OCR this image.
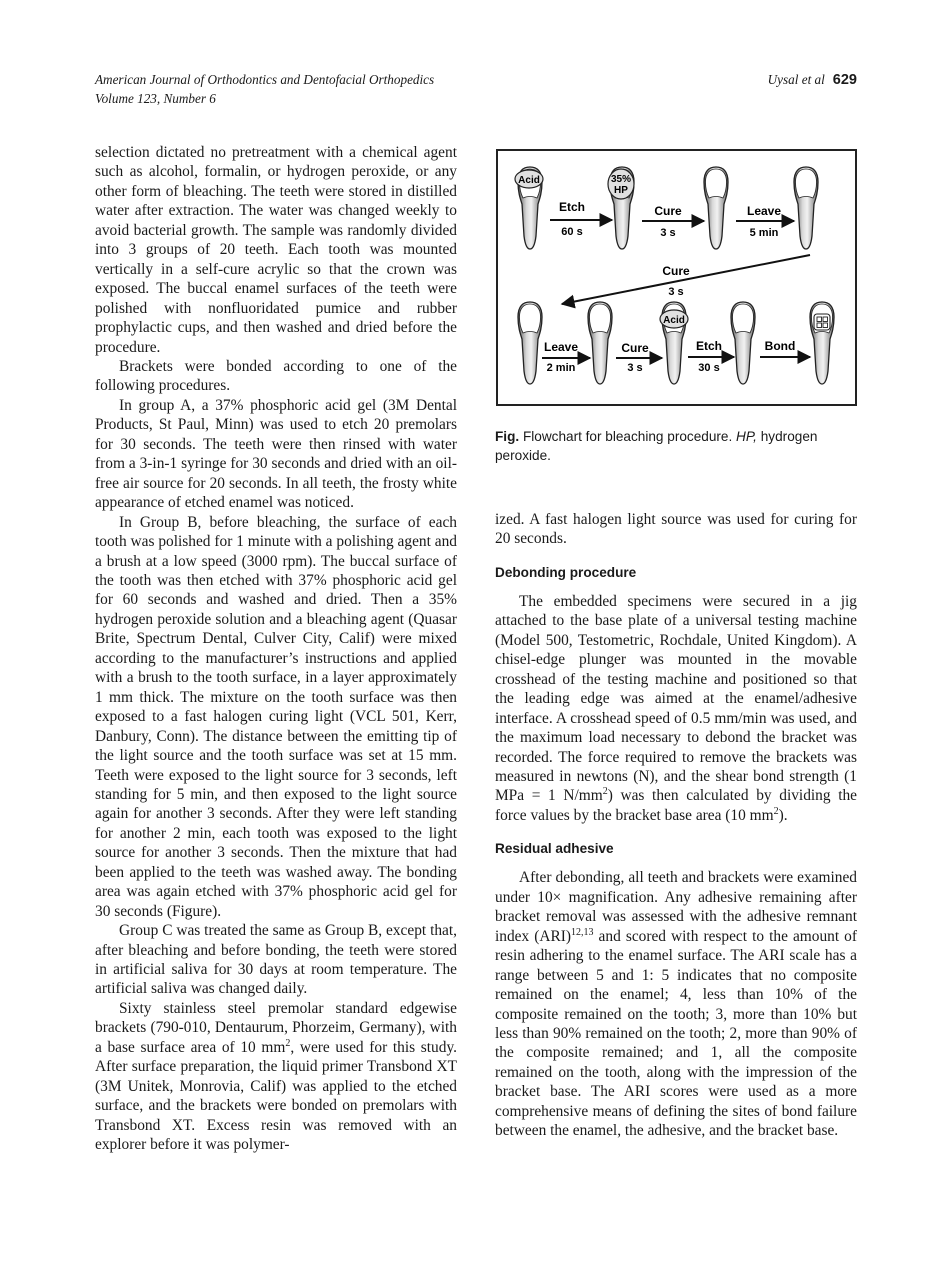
American Journal of Orthodontics and Dentofacial Orthopedics
Volume 123, Number 6
Uysal et al 629

selection dictated no pretreatment with a chemical agent such as alcohol, formalin, or hydrogen peroxide, or any other form of bleaching. The teeth were stored in distilled water after extraction. The water was changed weekly to avoid bacterial growth. The sample was randomly divided into 3 groups of 20 teeth. Each tooth was mounted vertically in a self-cure acrylic so that the crown was exposed. The buccal enamel surfaces of the teeth were polished with nonfluoridated pumice and rubber prophylactic cups, and then washed and dried before the procedure.

Brackets were bonded according to one of the following procedures.

In group A, a 37% phosphoric acid gel (3M Dental Products, St Paul, Minn) was used to etch 20 premolars for 30 seconds. The teeth were then rinsed with water from a 3-in-1 syringe for 30 seconds and dried with an oil-free air source for 20 seconds. In all teeth, the frosty white appearance of etched enamel was noticed.

In Group B, before bleaching, the surface of each tooth was polished for 1 minute with a polishing agent and a brush at a low speed (3000 rpm). The buccal surface of the tooth was then etched with 37% phosphoric acid gel for 60 seconds and washed and dried. Then a 35% hydrogen peroxide solution and a bleaching agent (Quasar Brite, Spectrum Dental, Culver City, Calif) were mixed according to the manufacturer’s instructions and applied with a brush to the tooth surface, in a layer approximately 1 mm thick. The mixture on the tooth surface was then exposed to a fast halogen curing light (VCL 501, Kerr, Danbury, Conn). The distance between the emitting tip of the light source and the tooth surface was set at 15 mm. Teeth were exposed to the light source for 3 seconds, left standing for 5 min, and then exposed to the light source again for another 3 seconds. After they were left standing for another 2 min, each tooth was exposed to the light source for another 3 seconds. Then the mixture that had been applied to the teeth was washed away. The bonding area was again etched with 37% phosphoric acid gel for 30 seconds (Figure).

Group C was treated the same as Group B, except that, after bleaching and before bonding, the teeth were stored in artificial saliva for 30 days at room temperature. The artificial saliva was changed daily.

Sixty stainless steel premolar standard edgewise brackets (790-010, Dentaurum, Phorzeim, Germany), with a base surface area of 10 $mm^2$, were used for this study. After surface preparation, the liquid primer Transbond XT (3M Unitek, Monrovia, Calif) was applied to the etched surface, and the brackets were bonded on premolars with Transbond XT. Excess resin was removed with an explorer before it was polymer-

Acid	35%
HP
Etch
60 s
Cure
3 s
Leave
5 min
Cure
3 s
Acid
Leave
2 min
Cure
3 s
Etch
30 s
Bond
Fig. Flowchart for bleaching procedure. HP, hydrogen peroxide.

ized. A fast halogen light source was used for curing for 20 seconds.

Debonding procedure

The embedded specimens were secured in a jig attached to the base plate of a universal testing machine (Model 500, Testometric, Rochdale, United Kingdom). A chisel-edge plunger was mounted in the movable crosshead of the testing machine and positioned so that the leading edge was aimed at the enamel/adhesive interface. A crosshead speed of 0.5 mm/min was used, and the maximum load necessary to debond the bracket was recorded. The force required to remove the brackets was measured in newtons (N), and the shear bond strength (1 MPa = 1 $N/mm^2$) was then calculated by dividing the force values by the bracket base area (10 $mm^2$).

Residual adhesive

After debonding, all teeth and brackets were examined under 10× magnification. Any adhesive remaining after bracket removal was assessed with the adhesive remnant index (ARI)$^{12,13}$ and scored with respect to the amount of resin adhering to the enamel surface. The ARI scale has a range between 5 and 1: 5 indicates that no composite remained on the enamel; 4, less than 10% of the composite remained on the tooth; 3, more than 10% but less than 90% remained on the tooth; 2, more than 90% of the composite remained; and 1, all the composite remained on the tooth, along with the impression of the bracket base. The ARI scores were used as a more comprehensive means of defining the sites of bond failure between the enamel, the adhesive, and the bracket base.
